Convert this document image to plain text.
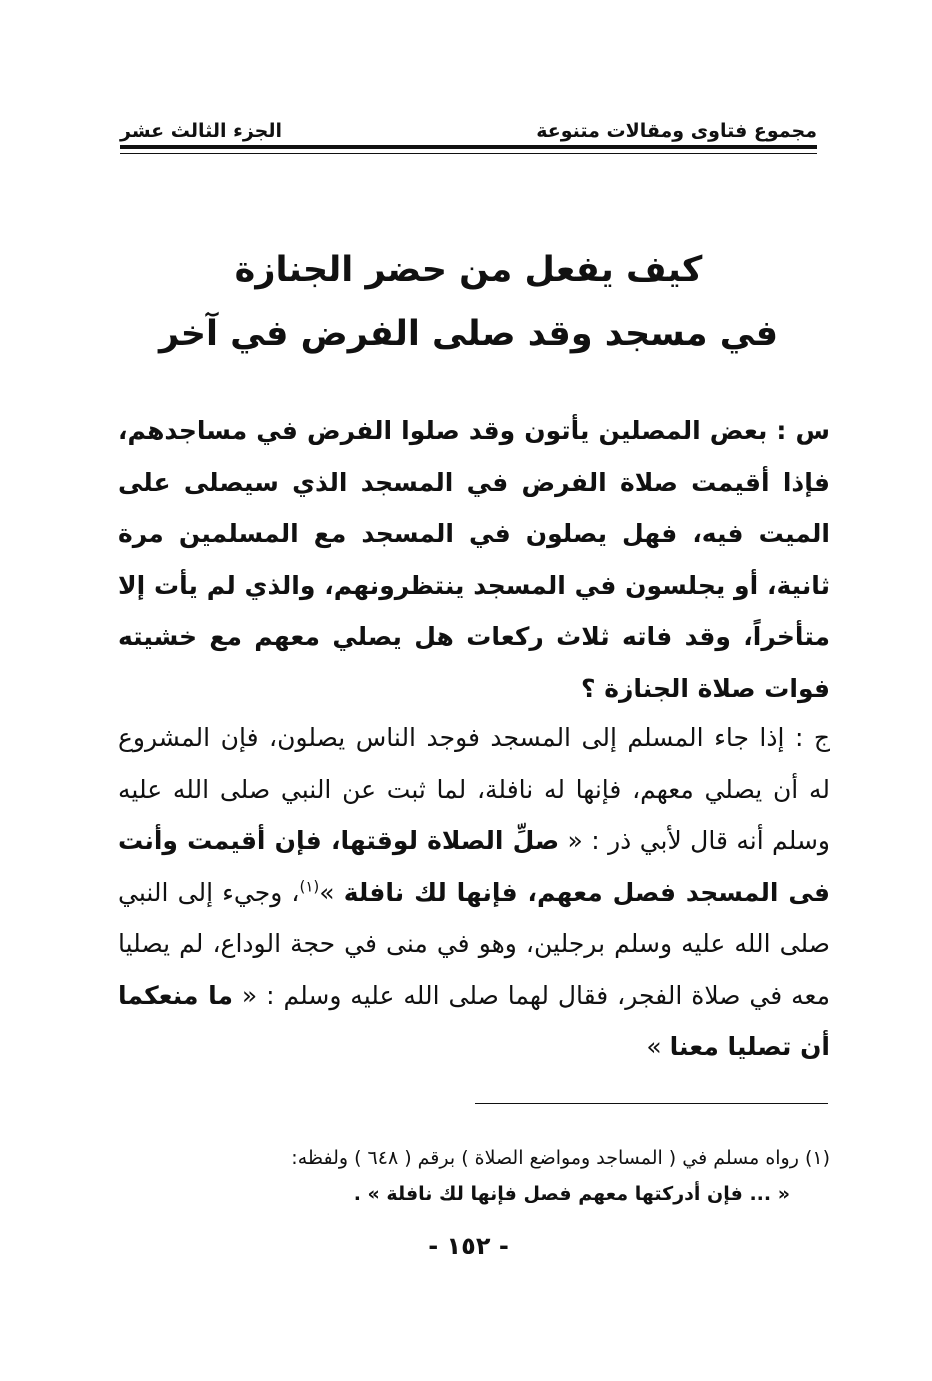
مجموع فتاوى ومقالات متنوعة
الجزء الثالث عشر
كيف يفعل من حضر الجنازة
في مسجد وقد صلى الفرض في آخر
س : بعض المصلين يأتون وقد صلوا الفرض في مساجدهم، فإذا أقيمت صلاة الفرض في المسجد الذي سيصلى على الميت فيه، فهل يصلون في المسجد مع المسلمين مرة ثانية، أو يجلسون في المسجد ينتظرونهم، والذي لم يأت إلا متأخراً، وقد فاته ثلاث ركعات هل يصلي معهم مع خشيته فوات صلاة الجنازة ؟
ج : إذا جاء المسلم إلى المسجد فوجد الناس يصلون، فإن المشروع له أن يصلي معهم، فإنها له نافلة، لما ثبت عن النبي صلى الله عليه وسلم أنه قال لأبي ذر : « صلِّ الصلاة لوقتها، فإن أقيمت وأنت فى المسجد فصل معهم، فإنها لك نافلة »$^{(١)}$، وجيء إلى النبي صلى الله عليه وسلم برجلين، وهو في منى في حجة الوداع، لم يصليا معه في صلاة الفجر، فقال لهما صلى الله عليه وسلم : « ما منعكما أن تصليا معنا »
(١) رواه مسلم في ( المساجد ومواضع الصلاة ) برقم ( ٦٤٨ ) ولفظه:
« ... فإن أدركتها معهم فصل فإنها لك نافلة » .
- ١٥٢ -
